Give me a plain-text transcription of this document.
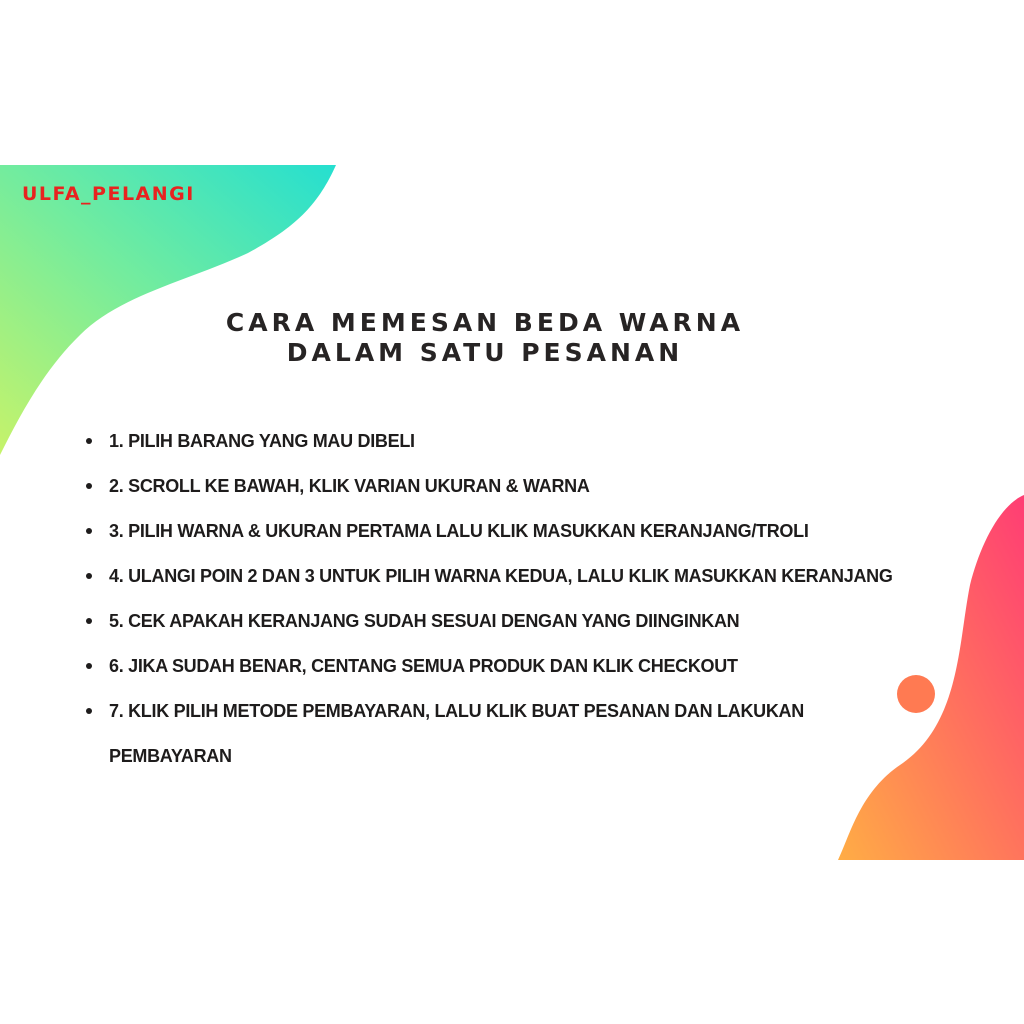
ULFA_PELANGI
CARA MEMESAN BEDA WARNA
DALAM SATU PESANAN
1. PILIH BARANG YANG MAU DIBELI
2. SCROLL KE BAWAH, KLIK VARIAN UKURAN & WARNA
3. PILIH WARNA & UKURAN PERTAMA LALU KLIK MASUKKAN KERANJANG/TROLI
4. ULANGI POIN 2 DAN 3 UNTUK PILIH WARNA KEDUA, LALU KLIK MASUKKAN KERANJANG
5. CEK APAKAH KERANJANG SUDAH SESUAI DENGAN YANG DIINGINKAN
6. JIKA SUDAH BENAR, CENTANG SEMUA PRODUK DAN KLIK CHECKOUT
7. KLIK PILIH METODE PEMBAYARAN, LALU KLIK BUAT PESANAN DAN LAKUKAN PEMBAYARAN
